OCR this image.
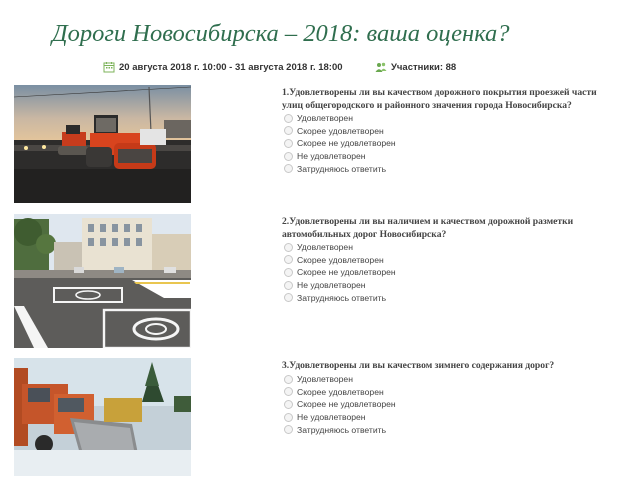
Дороги Новосибирска – 2018: ваша оценка?
20 августа 2018 г. 10:00 - 31 августа 2018 г. 18:00	Участники: 88
1.Удовлетворены ли вы качеством дорожного покрытия проезжей части улиц общегородского и районного значения города Новосибирска?
Удовлетворен
Скорее удовлетворен
Скорее не удовлетворен
Не удовлетворен
Затрудняюсь ответить
2.Удовлетворены ли вы наличием и качеством дорожной разметки автомобильных дорог Новосибирска?
Удовлетворен
Скорее удовлетворен
Скорее не удовлетворен
Не удовлетворен
Затрудняюсь ответить
3.Удовлетворены ли вы качеством зимнего содержания дорог?
Удовлетворен
Скорее удовлетворен
Скорее не удовлетворен
Не удовлетворен
Затрудняюсь ответить
